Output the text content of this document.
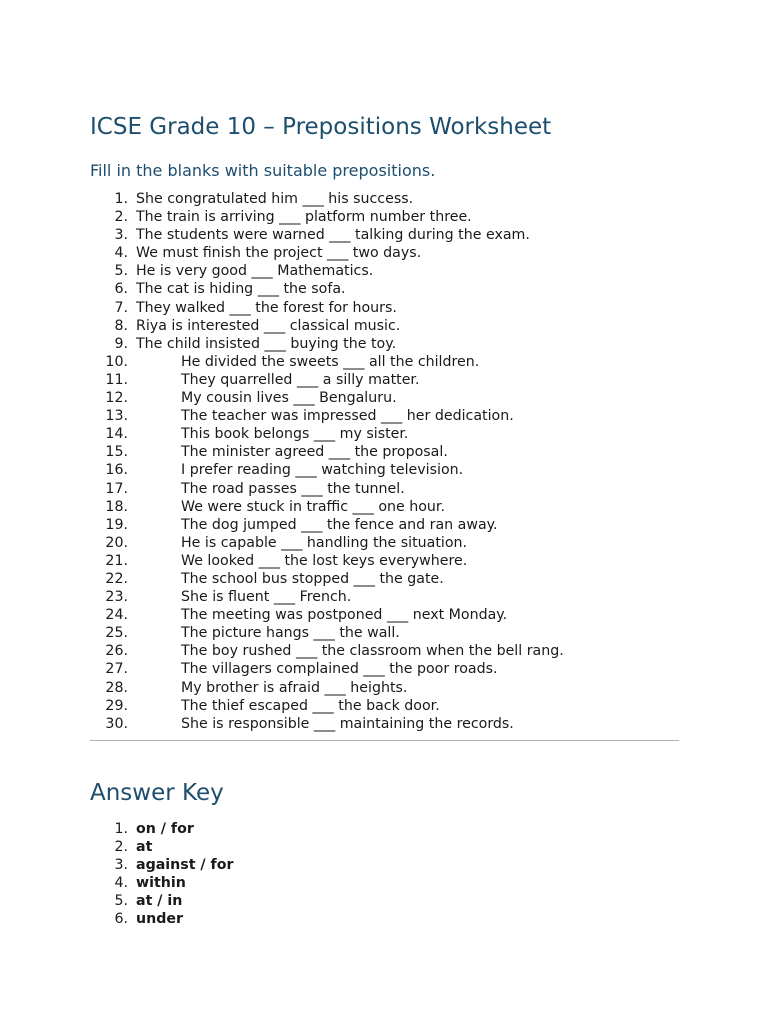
ICSE Grade 10 – Prepositions Worksheet
Fill in the blanks with suitable prepositions.
1. She congratulated him ___ his success.
2. The train is arriving ___ platform number three.
3. The students were warned ___ talking during the exam.
4. We must finish the project ___ two days.
5. He is very good ___ Mathematics.
6. The cat is hiding ___ the sofa.
7. They walked ___ the forest for hours.
8. Riya is interested ___ classical music.
9. The child insisted ___ buying the toy.
10.	He divided the sweets ___ all the children.
11.	They quarrelled ___ a silly matter.
12.	My cousin lives ___ Bengaluru.
13.	The teacher was impressed ___ her dedication.
14.	This book belongs ___ my sister.
15.	The minister agreed ___ the proposal.
16.	I prefer reading ___ watching television.
17.	The road passes ___ the tunnel.
18.	We were stuck in traffic ___ one hour.
19.	The dog jumped ___ the fence and ran away.
20.	He is capable ___ handling the situation.
21.	We looked ___ the lost keys everywhere.
22.	The school bus stopped ___ the gate.
23.	She is fluent ___ French.
24.	The meeting was postponed ___ next Monday.
25.	The picture hangs ___ the wall.
26.	The boy rushed ___ the classroom when the bell rang.
27.	The villagers complained ___ the poor roads.
28.	My brother is afraid ___ heights.
29.	The thief escaped ___ the back door.
30.	She is responsible ___ maintaining the records.
Answer Key
1. on / for
2. at
3. against / for
4. within
5. at / in
6. under
